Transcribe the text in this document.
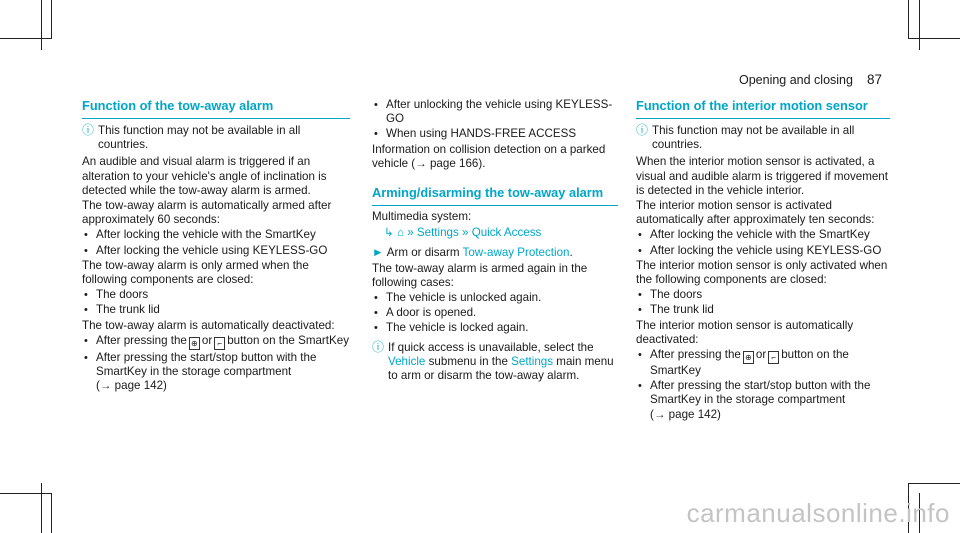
Opening and closing 87
Function of the tow-away alarm
ⓘ This function may not be available in all countries.

An audible and visual alarm is triggered if an alteration to your vehicle's angle of inclination is detected while the tow-away alarm is armed.

The tow-away alarm is automatically armed after approximately 60 seconds:

• After locking the vehicle with the SmartKey
• After locking the vehicle using KEYLESS-GO

The tow-away alarm is only armed when the following components are closed:

• The doors
• The trunk lid

The tow-away alarm is automatically deactivated:

• After pressing the ⊕ or ⌐ button on the SmartKey
• After pressing the start/stop button with the SmartKey in the storage compartment
(→ page 142)
• After unlocking the vehicle using KEYLESS-GO
• When using HANDS-FREE ACCESS

Information on collision detection on a parked vehicle (→ page 166).

Arming/disarming the tow-away alarm

Multimedia system:

↳ ⌂ » Settings » Quick Access

► Arm or disarm Tow-away Protection.

The tow-away alarm is armed again in the following cases:

• The vehicle is unlocked again.
• A door is opened.
• The vehicle is locked again.
ⓘ If quick access is unavailable, select the Vehicle submenu in the Settings main menu to arm or disarm the tow-away alarm.
Function of the interior motion sensor
ⓘ This function may not be available in all countries.

When the interior motion sensor is activated, a visual and audible alarm is triggered if movement is detected in the vehicle interior.

The interior motion sensor is activated automatically after approximately ten seconds:

• After locking the vehicle with the SmartKey
• After locking the vehicle using KEYLESS-GO

The interior motion sensor is only activated when the following components are closed:

• The doors
• The trunk lid

The interior motion sensor is automatically deactivated:

• After pressing the ⊕ or ⌐ button on the SmartKey
• After pressing the start/stop button with the SmartKey in the storage compartment
(→ page 142)
carmanualsonline.info
